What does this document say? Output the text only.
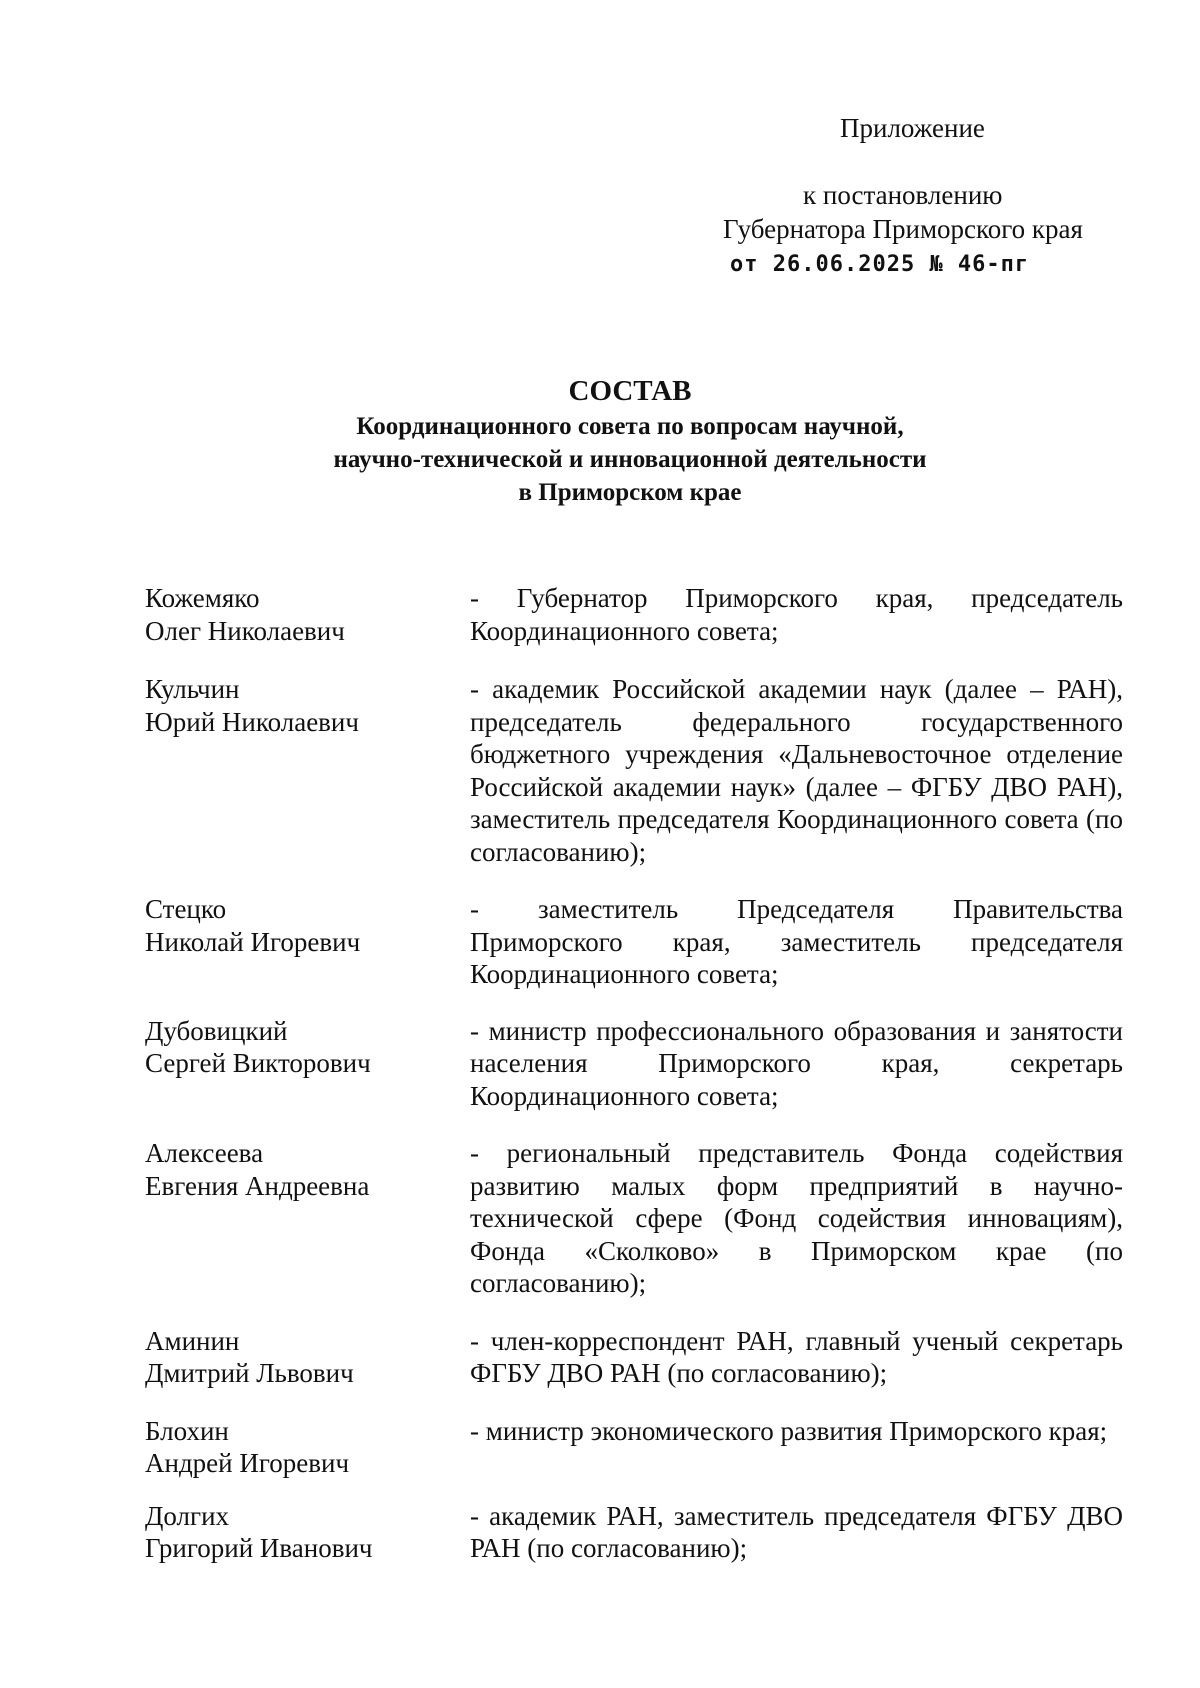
Приложение
к постановлению
Губернатора Приморского края
от 26.06.2025 № 46-пг
СОСТАВ
Координационного совета по вопросам научной,
научно-технической и инновационной деятельности
в Приморском крае
Кожемяко
Олег Николаевич
- Губернатор Приморского края, председатель Координационного совета;
Кульчин
Юрий Николаевич
- академик Российской академии наук (далее – РАН), председатель федерального государственного бюджетного учреждения «Дальневосточное отделение Российской академии наук» (далее – ФГБУ ДВО РАН), заместитель председателя Координационного совета (по согласованию);
Стецко
Николай Игоревич
- заместитель Председателя Правительства Приморского края, заместитель председателя Координационного совета;
Дубовицкий
Сергей Викторович
- министр профессионального образования и занятости населения Приморского края, секретарь Координационного совета;
Алексеева
Евгения Андреевна
- региональный представитель Фонда содействия развитию малых форм предприятий в научно-технической сфере (Фонд содействия инновациям), Фонда «Сколково» в Приморском крае (по согласованию);
Аминин
Дмитрий Львович
- член-корреспондент РАН, главный ученый секретарь ФГБУ ДВО РАН (по согласованию);
Блохин
Андрей Игоревич
- министр экономического развития Приморского края;
Долгих
Григорий Иванович
- академик РАН, заместитель председателя ФГБУ ДВО РАН (по согласованию);
